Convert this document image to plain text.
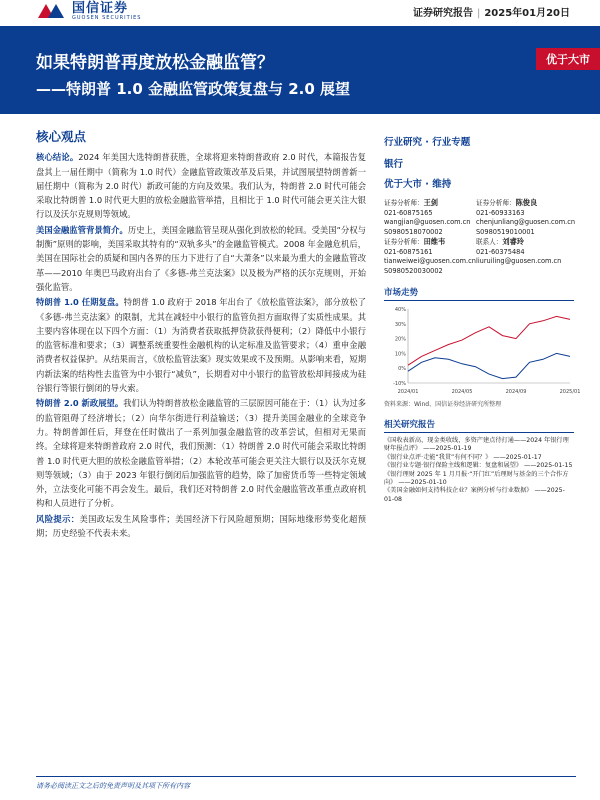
国信证券
GUOSEN SECURITIES	证券研究报告 | 2025年01月20日
如果特朗普再度放松金融监管？
——特朗普 1.0 金融监管政策复盘与 2.0 展望
优于大市
核心观点

核心结论。2024 年美国大选特朗普获胜，全球将迎来特朗普政府 2.0 时代，本篇报告复盘其上一届任期中（简称为 1.0 时代）金融监管政策改革及后果，并试图展望特朗普新一届任期中（简称为 2.0 时代）新政可能的方向及效果。我们认为，特朗普 2.0 时代可能会采取比特朗普 1.0 时代更大胆的放松金融监管举措，且相比于 1.0 时代可能会更关注大银行以及沃尔克规则等领域。

美国金融监管背景简介。历史上，美国金融监管呈现从强化到放松的轮回。受美国“分权与制衡”原则的影响，美国采取其特有的“双轨多头”的金融监管模式。2008 年金融危机后，美国在国际社会的质疑和国内各界的压力下进行了自“大萧条”以来最为重大的金融监管改革——2010 年奥巴马政府出台了《多德-弗兰克法案》以及极为严格的沃尔克规则，开始强化监管。

特朗普 1.0 任期复盘。特朗普 1.0 政府于 2018 年出台了《放松监管法案》，部分放松了《多德-弗兰克法案》的限制，尤其在减轻中小银行的监管负担方面取得了实质性成果。其主要内容体现在以下四个方面：（1）为消费者获取抵押贷款获得便利；（2）降低中小银行的监管标准和要求；（3）调整系统重要性金融机构的认定标准及监管要求；（4）重申金融消费者权益保护。从结果而言，《放松监管法案》现实效果或不及预期。从影响来看，短期内新法案的结构性去监管为中小银行“减负”，长期看对中小银行的监管放松却间接成为硅谷银行等银行倒闭的导火索。

特朗普 2.0 新政展望。我们认为特朗普放松金融监管的三层原因可能在于：（1）认为过多的监管阻碍了经济增长；（2）向华尔街进行利益输送；（3）提升美国金融业的全球竞争力。特朗普卸任后，拜登在任时做出了一系列加强金融监管的改革尝试，但相对无果而终。全球将迎来特朗普政府 2.0 时代，我们预测：（1）特朗普 2.0 时代可能会采取比特朗普 1.0 时代更大胆的放松金融监管举措；（2）本轮改革可能会更关注大银行以及沃尔克规则等领域；（3）由于 2023 年银行倒闭后加强监管的趋势，除了加密货币等一些特定领域外，立法变化可能不再会发生。最后，我们还对特朗普 2.0 时代金融监管改革重点政府机构和人员进行了分析。

风险提示：美国政坛发生风险事件；美国经济下行风险超预期；国际地缘形势变化超预期；历史经验不代表未来。

行业研究 · 行业专题
银行
优于大市 · 维持
证券分析师：王剑
021-60875165
wangjian@guosen.com.cn
S0980518070002
证券分析师：陈俊良
021-60933163
chenjunliang@guosen.com.cn
S0980519010001
证券分析师：田维韦
021-60875161
tianweiwei@guosen.com.cn
S0980520030002
联系人：刘睿玲
021-60375484
liuruiling@guosen.com.cn
市场走势
-10%
0%
10%
20%
30%
40%
2024/01	2024/05	2024/09	2025/01
资料来源：Wind、国信证券经济研究所整理
相关研究报告
《国收表新高，现金类收线，多资产建点待打通——2024 年银行理财年报点评》 ——2025-01-19
《银行业点评·走能“我贯”有何不同？》 ——2025-01-17
《银行业专题·银行保险主线和逻辑：复盘和展望》 ——2025-01-15
《银行理财 2025 年 1 月月报·“开门红”后理财与基金的三个合作方向》 ——2025-01-10
《美国金融如何支持科技企业？案例分析与行业数据》 ——2025-01-08
请务必阅读正文之后的免责声明及其项下所有内容
